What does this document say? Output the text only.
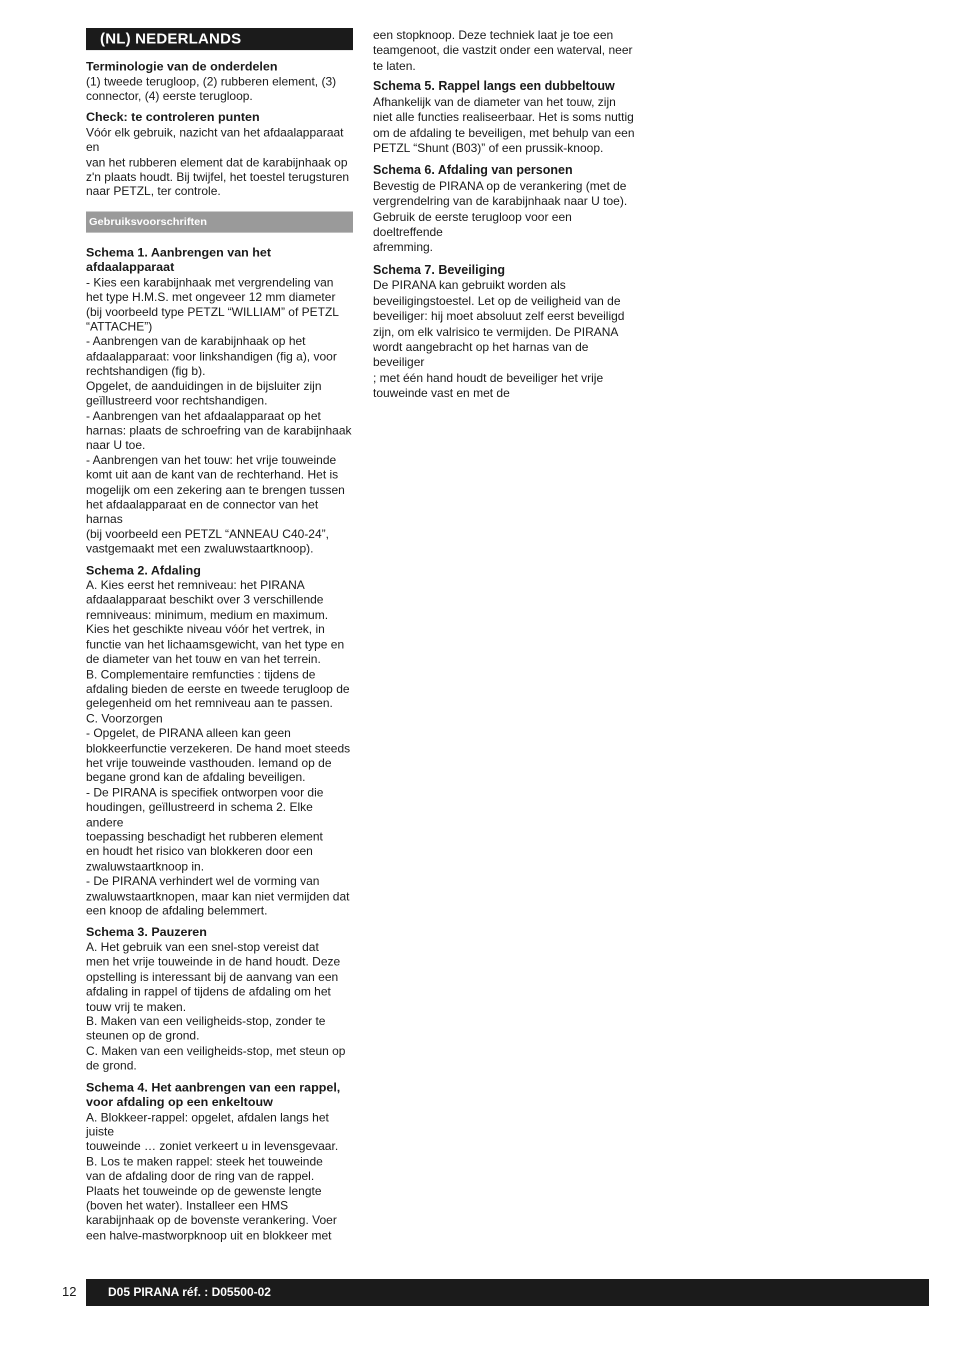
(NL) NEDERLANDS
Terminologie van de onderdelen

(1) tweede terugloop, (2) rubberen element, (3)
connector, (4) eerste terugloop.

Check: te controleren punten

Vóór elk gebruik, nazicht van het afdaalapparaat en
van het rubberen element dat de karabijnhaak op
z'n plaats houdt. Bij twijfel, het toestel terugsturen
naar PETZL, ter controle.

Gebruiksvoorschriften
Schema 1. Aanbrengen van het
afdaalapparaat

- Kies een karabijnhaak met vergrendeling van
het type H.M.S. met ongeveer 12 mm diameter
(bij voorbeeld type PETZL “WILLIAM” of PETZL
“ATTACHE”)
- Aanbrengen van de karabijnhaak op het
afdaalapparaat: voor linkshandigen (fig a), voor
rechtshandigen (fig b).
Opgelet, de aanduidingen in de bijsluiter zijn
geïllustreerd voor rechtshandigen.
- Aanbrengen van het afdaalapparaat op het
harnas: plaats de schroefring van de karabijnhaak
naar U toe.
- Aanbrengen van het touw: het vrije touweinde
komt uit aan de kant van de rechterhand. Het is
mogelijk om een zekering aan te brengen tussen
het afdaalapparaat en de connector van het harnas
(bij voorbeeld een PETZL “ANNEAU C40-24”,
vastgemaakt met een zwaluwstaartknoop).

Schema 2. Afdaling

A. Kies eerst het remniveau: het PIRANA
afdaalapparaat beschikt over 3 verschillende
remniveaus: minimum, medium en maximum.
Kies het geschikte niveau vóór het vertrek, in
functie van het lichaamsgewicht, van het type en
de diameter van het touw en van het terrein.
B. Complementaire remfuncties : tijdens de
afdaling bieden de eerste en tweede terugloop de
gelegenheid om het remniveau aan te passen.
C. Voorzorgen
- Opgelet, de PIRANA alleen kan geen
blokkeerfunctie verzekeren. De hand moet steeds
het vrije touweinde vasthouden. Iemand op de
begane grond kan de afdaling beveiligen.
- De PIRANA is specifiek ontworpen voor die
houdingen, geïllustreerd in schema 2. Elke andere
toepassing beschadigt het rubberen element
en houdt het risico van blokkeren door een
zwaluwstaartknoop in.
- De PIRANA verhindert wel de vorming van
zwaluwstaartknopen, maar kan niet vermijden dat
een knoop de afdaling belemmert.

Schema 3. Pauzeren

A. Het gebruik van een snel-stop vereist dat
men het vrije touweinde in de hand houdt. Deze
opstelling is interessant bij de aanvang van een
afdaling in rappel of tijdens de afdaling om het
touw vrij te maken.
B. Maken van een veiligheids-stop, zonder te
steunen op de grond.
C. Maken van een veiligheids-stop, met steun op
de grond.

Schema 4. Het aanbrengen van een rappel,
voor afdaling op een enkeltouw

A. Blokkeer-rappel: opgelet, afdalen langs het juiste
touweinde … zoniet verkeert u in levensgevaar.
B. Los te maken rappel: steek het touweinde
van de afdaling door de ring van de rappel.
Plaats het touweinde op de gewenste lengte
(boven het water). Installeer een HMS
karabijnhaak op de bovenste verankering. Voer
een halve-mastworpknoop uit en blokkeer met

een stopknoop. Deze techniek laat je toe een
teamgenoot, die vastzit onder een waterval, neer
te laten.
Schema 5. Rappel langs een dubbeltouw

Afhankelijk van de diameter van het touw, zijn
niet alle functies realiseerbaar. Het is soms nuttig
om de afdaling te beveiligen, met behulp van een
PETZL “Shunt (B03)” of een prussik-knoop.

Schema 6. Afdaling van personen

Bevestig de PIRANA op de verankering (met de
vergrendelring van de karabijnhaak naar U toe).
Gebruik de eerste terugloop voor een doeltreffende
afremming.

Schema 7. Beveiliging

De PIRANA kan gebruikt worden als
beveiligingstoestel. Let op de veiligheid van de
beveiliger: hij moet absoluut zelf eerst beveiligd
zijn, om elk valrisico te vermijden. De PIRANA
wordt aangebracht op het harnas van de beveiliger
; met één hand houdt de beveiliger het vrije
touweinde vast en met de

12	D05 PIRANA réf. : D05500-02
